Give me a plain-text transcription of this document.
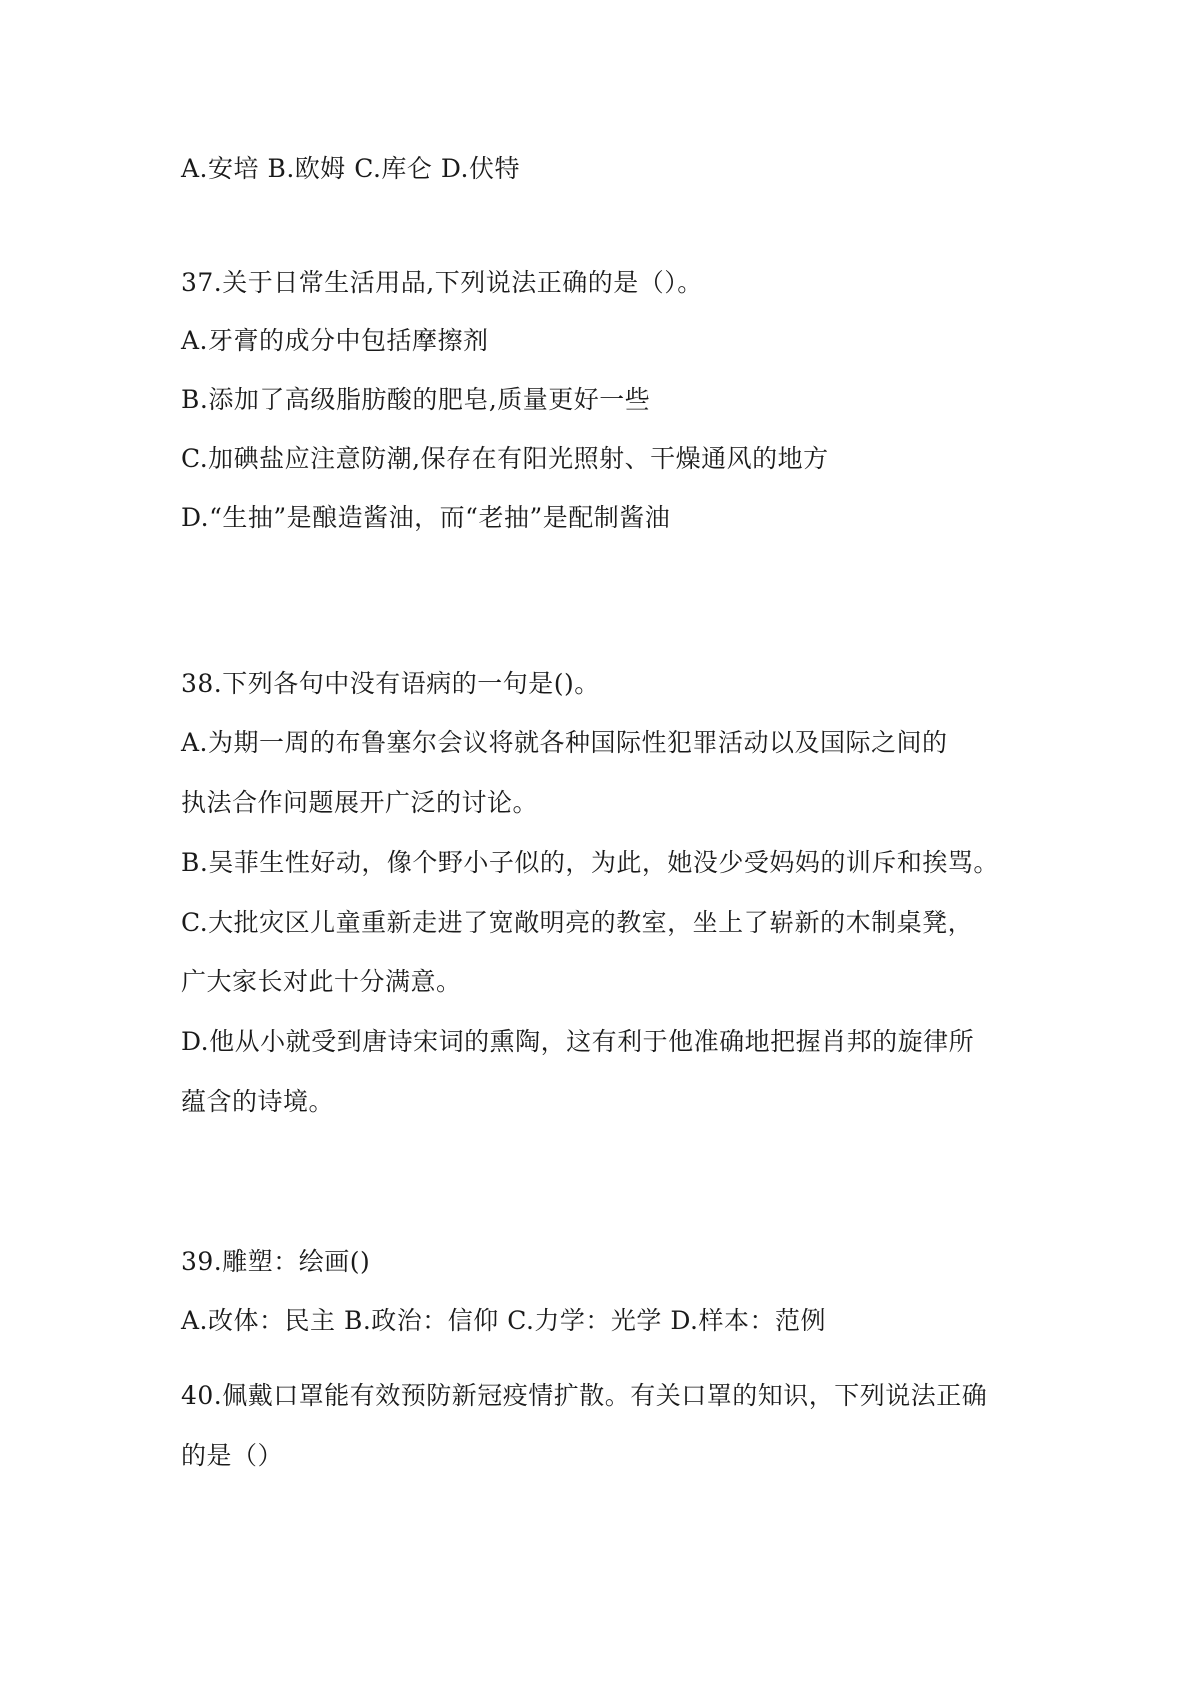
A.安培 B.欧姆 C.库仑 D.伏特
37.关于日常生活用品,下列说法正确的是（）。
A.牙膏的成分中包括摩擦剂
B.添加了高级脂肪酸的肥皂,质量更好一些
C.加碘盐应注意防潮,保存在有阳光照射、干燥通风的地方
D.“生抽”是酿造酱油，而“老抽”是配制酱油
38.下列各句中没有语病的一句是()。
A.为期一周的布鲁塞尔会议将就各种国际性犯罪活动以及国际之间的
执法合作问题展开广泛的讨论。
B.吴菲生性好动，像个野小子似的，为此，她没少受妈妈的训斥和挨骂。
C.大批灾区儿童重新走进了宽敞明亮的教室，坐上了崭新的木制桌凳，
广大家长对此十分满意。
D.他从小就受到唐诗宋词的熏陶，这有利于他准确地把握肖邦的旋律所
蕴含的诗境。
39.雕塑：绘画()
A.改体：民主 B.政治：信仰 C.力学：光学 D.样本：范例
40.佩戴口罩能有效预防新冠疫情扩散。有关口罩的知识，下列说法正确
的是（）
